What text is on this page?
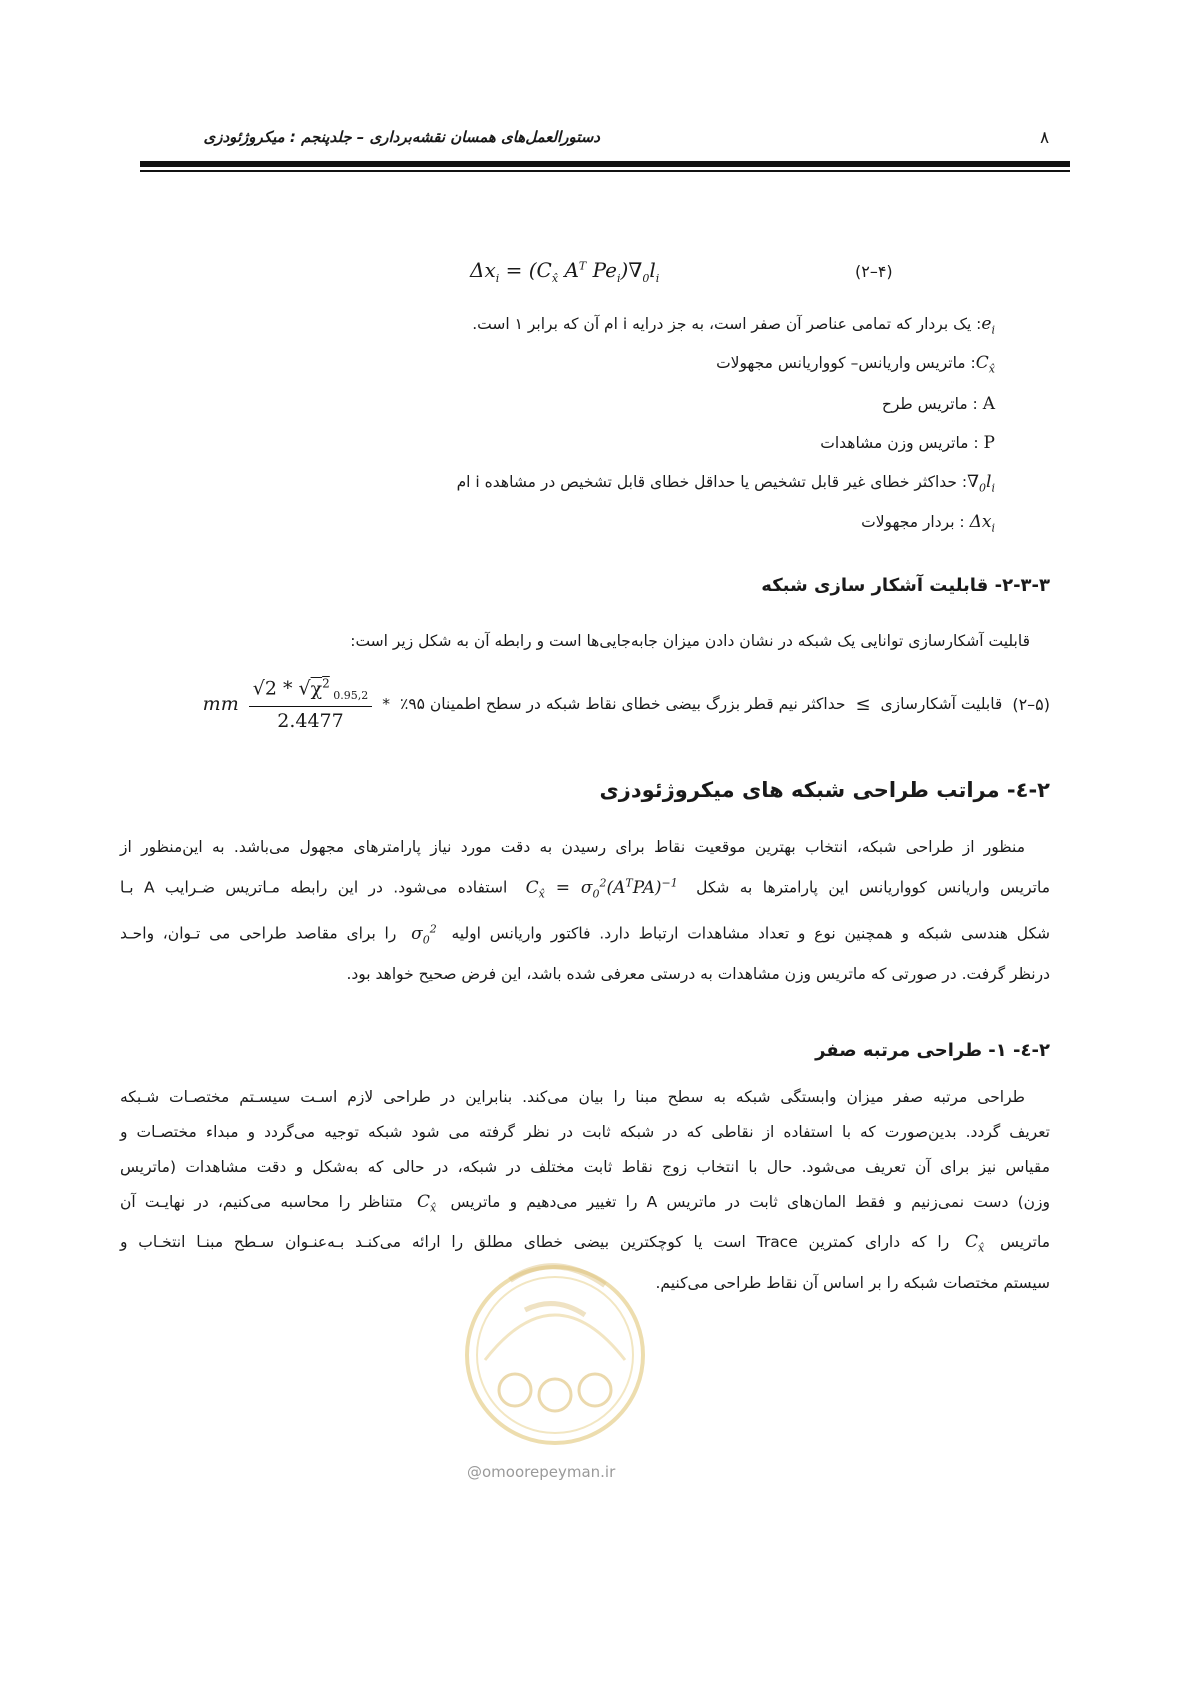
دستورالعمل‌های همسان نقشه‌برداری – جلدپنجم : میکروژئودزی	۸
$\Delta x_i = (C_{x̂}$ $A^T$ $Pe_i)\nabla_0l_i$	(۲–۴)
$e_i$: یک بردار که تمامی عناصر آن صفر است، به جز درایه i ام آن که برابر ۱ است.
$C_{x̂}$: ماتریس واریانس– کوواریانس مجهولات
A : ماتریس طرح
P : ماتریس وزن مشاهدات
$\nabla_0l_i$: حداکثر خطای غیر قابل تشخیص یا حداقل خطای قابل تشخیص در مشاهده i ام
$\Delta x_i$ : بردار مجهولات
۲-۳-۳- قابلیت آشکار سازی شبکه
قابلیت آشکارسازی توانایی یک شبکه در نشان دادن میزان جابه‌جایی‌ها است و رابطه آن به شکل زیر است:
(۲–۵)
قابلیت آشکارسازی
≥
حداکثر نیم قطر بزرگ بیضی خطای نقاط شبکه در سطح اطمینان ۹۵٪
*
$\frac{√2 * √\chi^2 _{0.95,2}}{2.4477}$
mm
۲-٤- مراتب طراحی شبکه های میکروژئودزی
منظور از طراحی شبکه، انتخاب بهترین موقعیت نقاط برای رسیدن به دقت مورد نیاز پارامترهای مجهول می‌باشد. به این‌منظور از
ماتریس واریانس کوواریانس این پارامترها به شکل $C_{x̂} = \sigma_0^2(A^TPA)^{-1}$ استفاده می‌شود. در این رابطه مـاتریس ضـرایب A بـا
شکل هندسی شبکه و همچنین نوع و تعداد مشاهدات ارتباط دارد. فاکتور واریانس اولیه $\sigma_0^2$ را برای مقاصد طراحی می تـوان، واحـد
درنظر گرفت. در صورتی که ماتریس وزن مشاهدات به درستی معرفی شده باشد، این فرض صحیح خواهد بود.
۲-٤- ۱- طراحی مرتبه صفر
طراحی مرتبه صفر میزان وابستگی شبکه به سطح مبنا را بیان می‌کند. بنابراین در طراحی لازم اسـت سیسـتم مختصـات شـبکه
تعریف گردد. بدین‌صورت که با استفاده از نقاطی که در شبکه ثابت در نظر گرفته می شود شبکه توجیه می‌گردد و مبداء مختصـات و
مقیاس نیز برای آن تعریف می‌شود. حال با انتخاب زوج نقاط ثابت مختلف در شبکه، در حالی که به‌شکل و دقت مشاهدات (ماتریس
وزن) دست نمی‌زنیم و فقط المان‌های ثابت در ماتریس A را تغییر می‌دهیم و ماتریس $C_{x̂}$ متناظر را محاسبه می‌کنیم، در نهایـت آن
ماتریس $C_{x̂}$ را که دارای کمترین Trace است یا کوچکترین بیضی خطای مطلق را ارائه می‌کنـد بـه‌عنـوان سـطح مبنـا انتخـاب و
سیستم مختصات شبکه را بر اساس آن نقاط طراحی می‌کنیم.
@omoorepeyman.ir
